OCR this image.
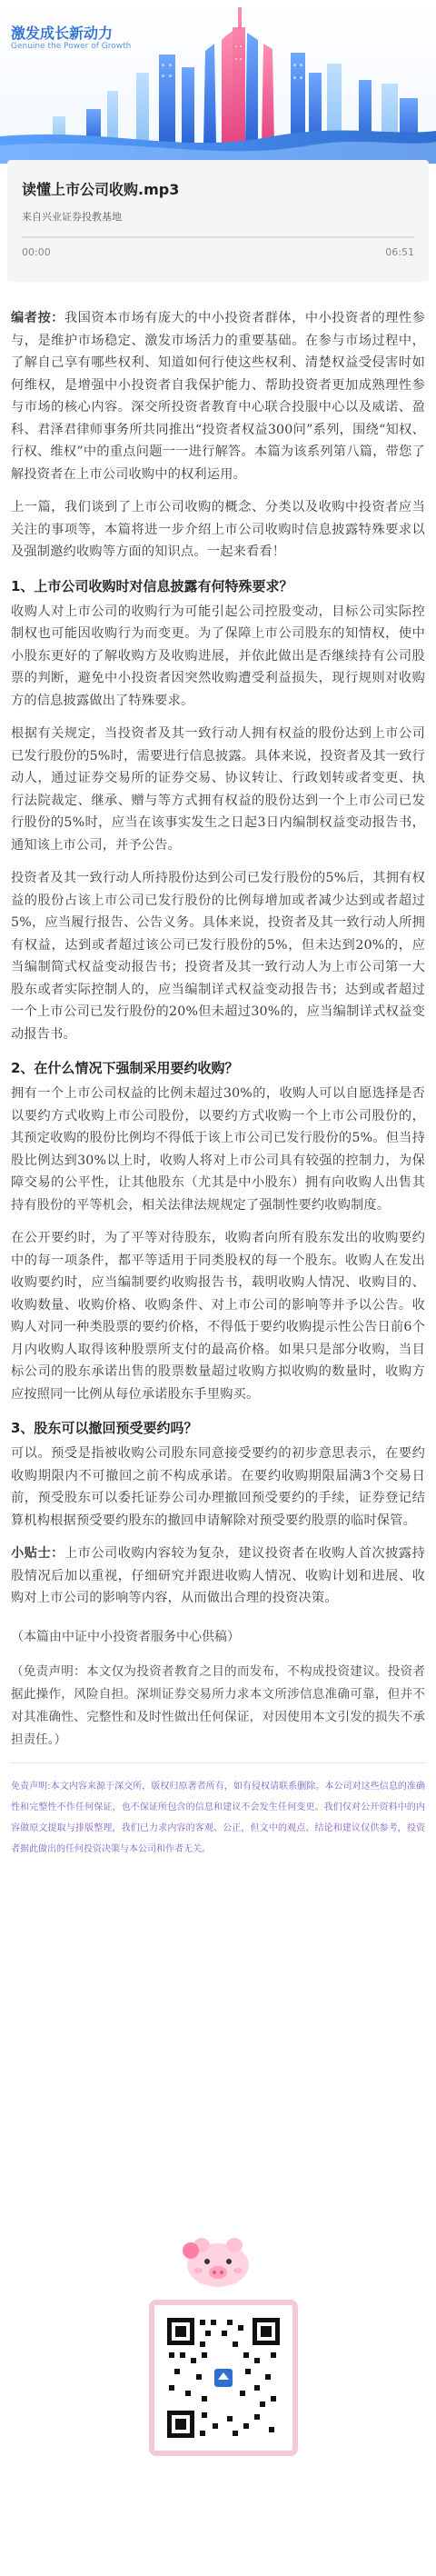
激发成长新动力
Genuine the Power of Growth
读懂上市公司收购.mp3
来自兴业证券投教基地
00:00	06:51

编者按：我国资本市场有庞大的中小投资者群体，中小投资者的理性参与，是维护市场稳定、激发市场活力的重要基础。在参与市场过程中，了解自己享有哪些权利、知道如何行使这些权利、清楚权益受侵害时如何维权，是增强中小投资者自我保护能力、帮助投资者更加成熟理性参与市场的核心内容。深交所投资者教育中心联合投服中心以及威诺、盈科、君泽君律师事务所共同推出“投资者权益300问”系列，围绕“知权、行权、维权”中的重点问题一一进行解答。本篇为该系列第八篇，带您了解投资者在上市公司收购中的权利运用。

上一篇，我们谈到了上市公司收购的概念、分类以及收购中投资者应当关注的事项等，本篇将进一步介绍上市公司收购时信息披露特殊要求以及强制邀约收购等方面的知识点。一起来看看！

1、上市公司收购时对信息披露有何特殊要求？

收购人对上市公司的收购行为可能引起公司控股变动，目标公司实际控制权也可能因收购行为而变更。为了保障上市公司股东的知情权，使中小股东更好的了解收购方及收购进展，并依此做出是否继续持有公司股票的判断，避免中小投资者因突然收购遭受利益损失，现行规则对收购方的信息披露做出了特殊要求。

根据有关规定，当投资者及其一致行动人拥有权益的股份达到上市公司已发行股份的5%时，需要进行信息披露。具体来说，投资者及其一致行动人，通过证券交易所的证券交易、协议转让、行政划转或者变更、执行法院裁定、继承、赠与等方式拥有权益的股份达到一个上市公司已发行股份的5%时，应当在该事实发生之日起3日内编制权益变动报告书，通知该上市公司，并予公告。

投资者及其一致行动人所持股份达到公司已发行股份的5%后，其拥有权益的股份占该上市公司已发行股份的比例每增加或者减少达到或者超过5%，应当履行报告、公告义务。具体来说，投资者及其一致行动人所拥有权益，达到或者超过该公司已发行股份的5%，但未达到20%的，应当编制简式权益变动报告书；投资者及其一致行动人为上市公司第一大股东或者实际控制人的，应当编制详式权益变动报告书；达到或者超过一个上市公司已发行股份的20%但未超过30%的，应当编制详式权益变动报告书。

2、在什么情况下强制采用要约收购？

拥有一个上市公司权益的比例未超过30%的，收购人可以自愿选择是否以要约方式收购上市公司股份，以要约方式收购一个上市公司股份的，其预定收购的股份比例均不得低于该上市公司已发行股份的5%。但当持股比例达到30%以上时，收购人将对上市公司具有较强的控制力，为保障交易的公平性，让其他股东（尤其是中小股东）拥有向收购人出售其持有股份的平等机会，相关法律法规规定了强制性要约收购制度。

在公开要约时，为了平等对待股东，收购者向所有股东发出的收购要约中的每一项条件，都平等适用于同类股权的每一个股东。收购人在发出收购要约时，应当编制要约收购报告书，载明收购人情况、收购目的、收购数量、收购价格、收购条件、对上市公司的影响等并予以公告。收购人对同一种类股票的要约价格，不得低于要约收购提示性公告日前6个月内收购人取得该种股票所支付的最高价格。如果只是部分收购，当目标公司的股东承诺出售的股票数量超过收购方拟收购的数量时，收购方应按照同一比例从每位承诺股东手里购买。

3、股东可以撤回预受要约吗？

可以。预受是指被收购公司股东同意接受要约的初步意思表示，在要约收购期限内不可撤回之前不构成承诺。在要约收购期限届满3个交易日前，预受股东可以委托证券公司办理撤回预受要约的手续，证券登记结算机构根据预受要约股东的撤回申请解除对预受要约股票的临时保管。

小贴士：上市公司收购内容较为复杂，建议投资者在收购人首次披露持股情况后加以重视，仔细研究并跟进收购人情况、收购计划和进展、收购对上市公司的影响等内容，从而做出合理的投资决策。

（本篇由中证中小投资者服务中心供稿）

（免责声明：本文仅为投资者教育之目的而发布，不构成投资建议。投资者据此操作，风险自担。深圳证券交易所力求本文所涉信息准确可靠，但并不对其准确性、完整性和及时性做出任何保证，对因使用本文引发的损失不承担责任。）

免责声明:本文内容来源于深交所，版权归原著者所有，如有侵权请联系删除。本公司对这些信息的准确性和完整性不作任何保证，也不保证所包含的信息和建议不会发生任何变更。我们仅对公开资料中的内容做原文提取与排版整理，我们已力求内容的客观、公正，但文中的观点、结论和建议仅供参考，投资者据此做出的任何投资决策与本公司和作者无关。
